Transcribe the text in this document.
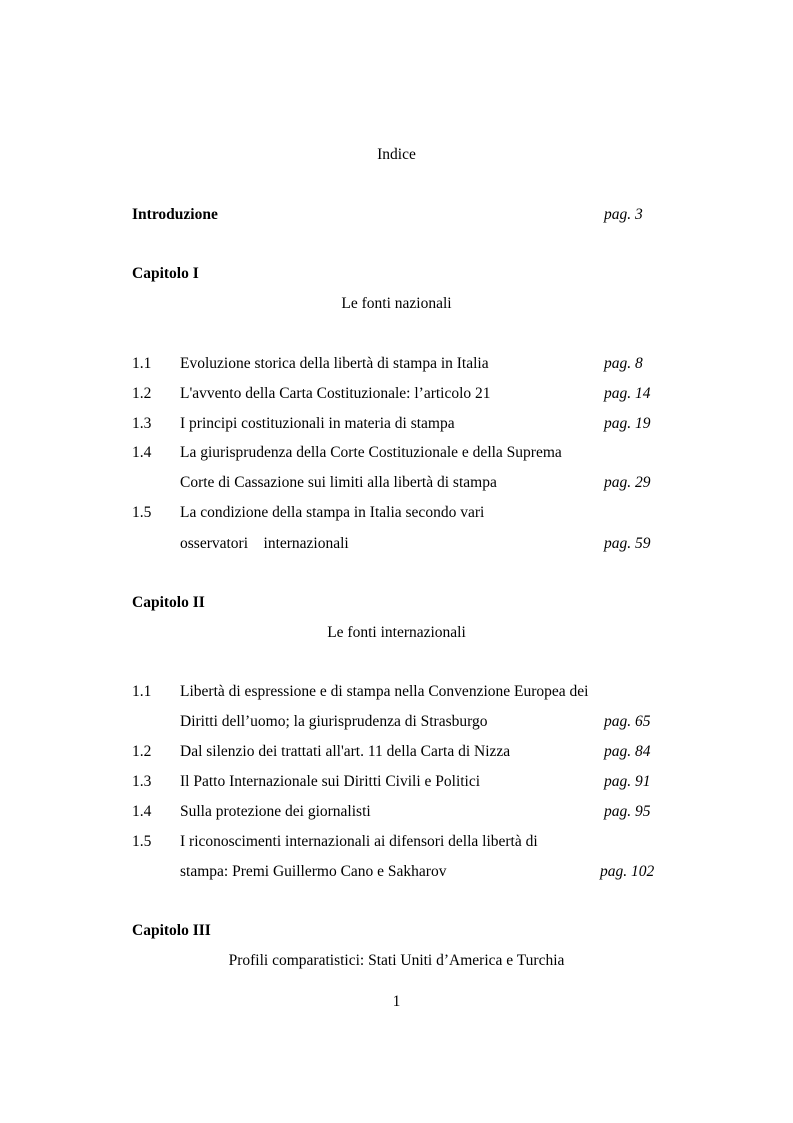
Indice
Introduzione	pag. 3
Capitolo I
Le fonti nazionali
1.1 Evoluzione storica della libertà di stampa in Italia	pag. 8
1.2 L'avvento della Carta Costituzionale: l’articolo 21	pag. 14
1.3 I principi costituzionali in materia di stampa	pag. 19
1.4 La giurisprudenza della Corte Costituzionale e della Suprema
Corte di Cassazione sui limiti alla libertà di stampa	pag. 29
1.5 La condizione della stampa in Italia secondo vari
osservatori    internazionali	pag. 59
Capitolo II
Le fonti internazionali
1.1 Libertà di espressione e di stampa nella Convenzione Europea dei
Diritti dell’uomo; la giurisprudenza di Strasburgo	pag. 65
1.2 Dal silenzio dei trattati all'art. 11 della Carta di Nizza	pag. 84
1.3 Il Patto Internazionale sui Diritti Civili e Politici	pag. 91
1.4 Sulla protezione dei giornalisti	pag. 95
1.5 I riconoscimenti internazionali ai difensori della libertà di
stampa: Premi Guillermo Cano e Sakharov	pag. 102
Capitolo III
Profili comparatistici: Stati Uniti d’America e Turchia
1
